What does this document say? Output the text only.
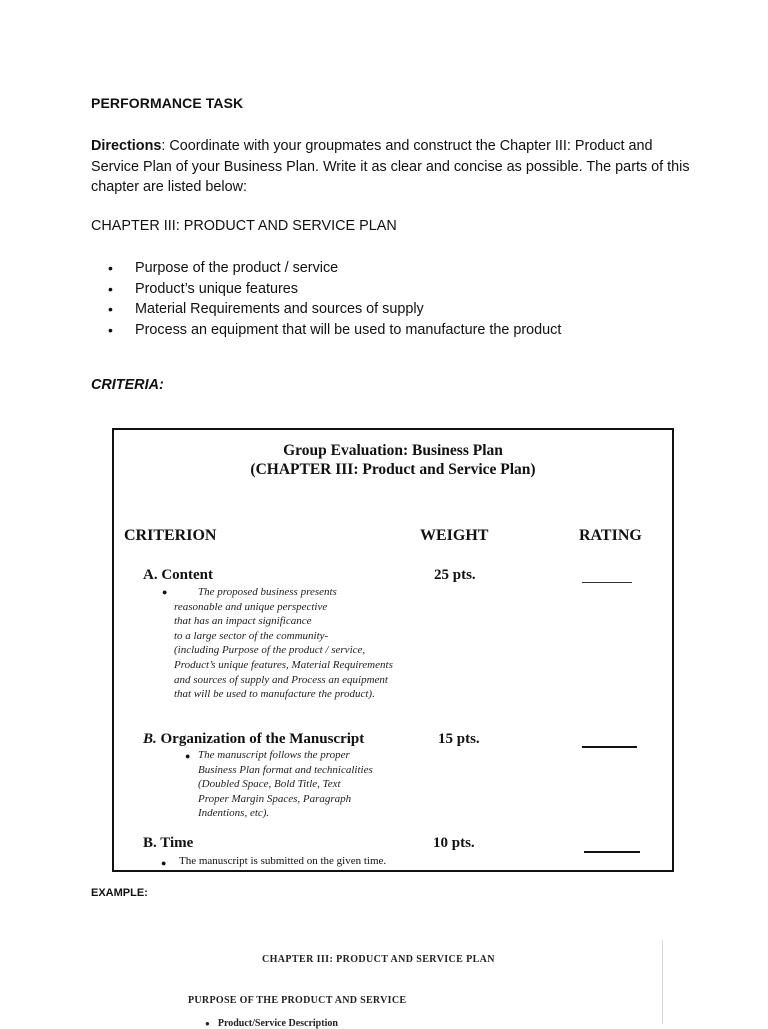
PERFORMANCE TASK
Directions: Coordinate with your groupmates and construct the Chapter III: Product and Service Plan of your Business Plan. Write it as clear and concise as possible. The parts of this chapter are listed below:
CHAPTER III: PRODUCT AND SERVICE PLAN
• Purpose of the product / service
• Product’s unique features
• Material Requirements and sources of supply
• Process an equipment that will be used to manufacture the product
CRITERIA:
Group Evaluation: Business Plan
(CHAPTER III: Product and Service Plan)
CRITERION	WEIGHT	RATING
A. Content	25 pts.
●	The proposed business presents
reasonable and unique perspective
that has an impact significance
to a large sector of the community-
(including Purpose of the product / service,
Product’s unique features, Material Requirements
and sources of supply and Process an equipment
that will be used to manufacture the product).
B. Organization of the Manuscript	15 pts.
● The manuscript follows the proper
Business Plan format and technicalities
(Doubled Space, Bold Title, Text
Proper Margin Spaces, Paragraph
Indentions, etc).
B. Time	10 pts.
● The manuscript is submitted on the given time.
EXAMPLE:
CHAPTER III: PRODUCT AND SERVICE PLAN
PURPOSE OF THE PRODUCT AND SERVICE
● Product/Service Description
